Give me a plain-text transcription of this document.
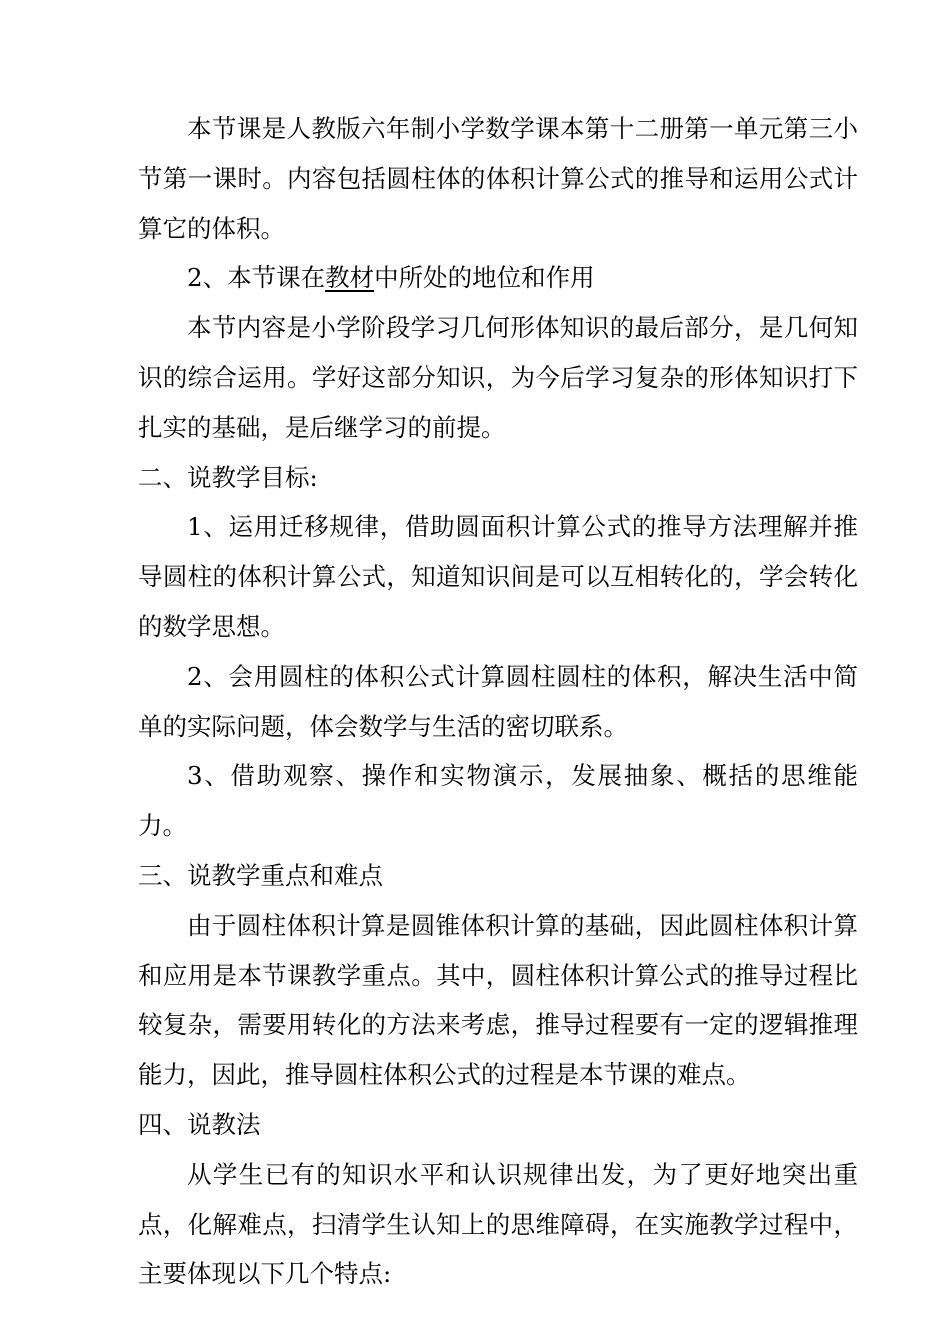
本节课是人教版六年制小学数学课本第十二册第一单元第三小节第一课时。内容包括圆柱体的体积计算公式的推导和运用公式计算它的体积。

2、本节课在教材中所处的地位和作用

本节内容是小学阶段学习几何形体知识的最后部分，是几何知识的综合运用。学好这部分知识，为今后学习复杂的形体知识打下扎实的基础，是后继学习的前提。

二、说教学目标:

1、运用迁移规律，借助圆面积计算公式的推导方法理解并推导圆柱的体积计算公式，知道知识间是可以互相转化的，学会转化的数学思想。

2、会用圆柱的体积公式计算圆柱圆柱的体积，解决生活中简单的实际问题，体会数学与生活的密切联系。

3、借助观察、操作和实物演示，发展抽象、概括的思维能力。

三、说教学重点和难点

由于圆柱体积计算是圆锥体积计算的基础，因此圆柱体积计算和应用是本节课教学重点。其中，圆柱体积计算公式的推导过程比较复杂，需要用转化的方法来考虑，推导过程要有一定的逻辑推理能力，因此，推导圆柱体积公式的过程是本节课的难点。

四、说教法

从学生已有的知识水平和认识规律出发，为了更好地突出重点，化解难点，扫清学生认知上的思维障碍，在实施教学过程中，主要体现以下几个特点:
